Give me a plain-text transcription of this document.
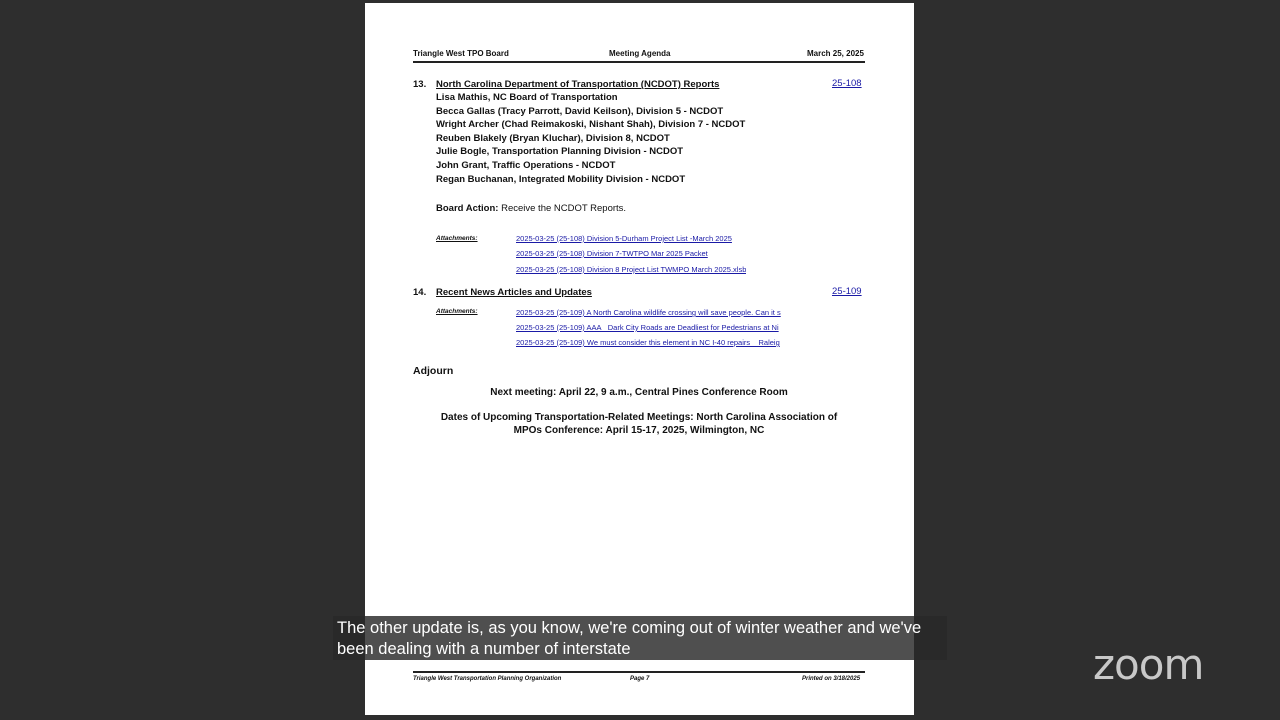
Triangle West TPO Board	Meeting Agenda	March 25, 2025
13. North Carolina Department of Transportation (NCDOT) Reports	25-108
Lisa Mathis, NC Board of Transportation
Becca Gallas (Tracy Parrott, David Keilson), Division 5 - NCDOT
Wright Archer (Chad Reimakoski, Nishant Shah), Division 7 - NCDOT
Reuben Blakely (Bryan Kluchar), Division 8, NCDOT
Julie Bogle, Transportation Planning Division - NCDOT
John Grant, Traffic Operations - NCDOT
Regan Buchanan, Integrated Mobility Division - NCDOT
Board Action: Receive the NCDOT Reports.
Attachments:	2025-03-25 (25-108) Division 5-Durham Project List -March 2025
2025-03-25 (25-108) Division 7-TWTPO Mar 2025 Packet
2025-03-25 (25-108) Division 8 Project List TWMPO March 2025.xlsb
14. Recent News Articles and Updates	25-109
Attachments:	2025-03-25 (25-109) A North Carolina wildlife crossing will save people. Can it s
2025-03-25 (25-109) AAA_ Dark City Roads are Deadliest for Pedestrians at Ni
2025-03-25 (25-109) We must consider this element in NC I-40 repairs _ Raleig
Adjourn
Next meeting: April 22, 9 a.m., Central Pines Conference Room
Dates of Upcoming Transportation-Related Meetings: North Carolina Association of
MPOs Conference: April 15-17, 2025, Wilmington, NC
Triangle West Transportation Planning Organization	Page 7	Printed on 3/18/2025
The other update is, as you know, we're coming out of winter weather and we've
been dealing with a number of interstate	zoom
